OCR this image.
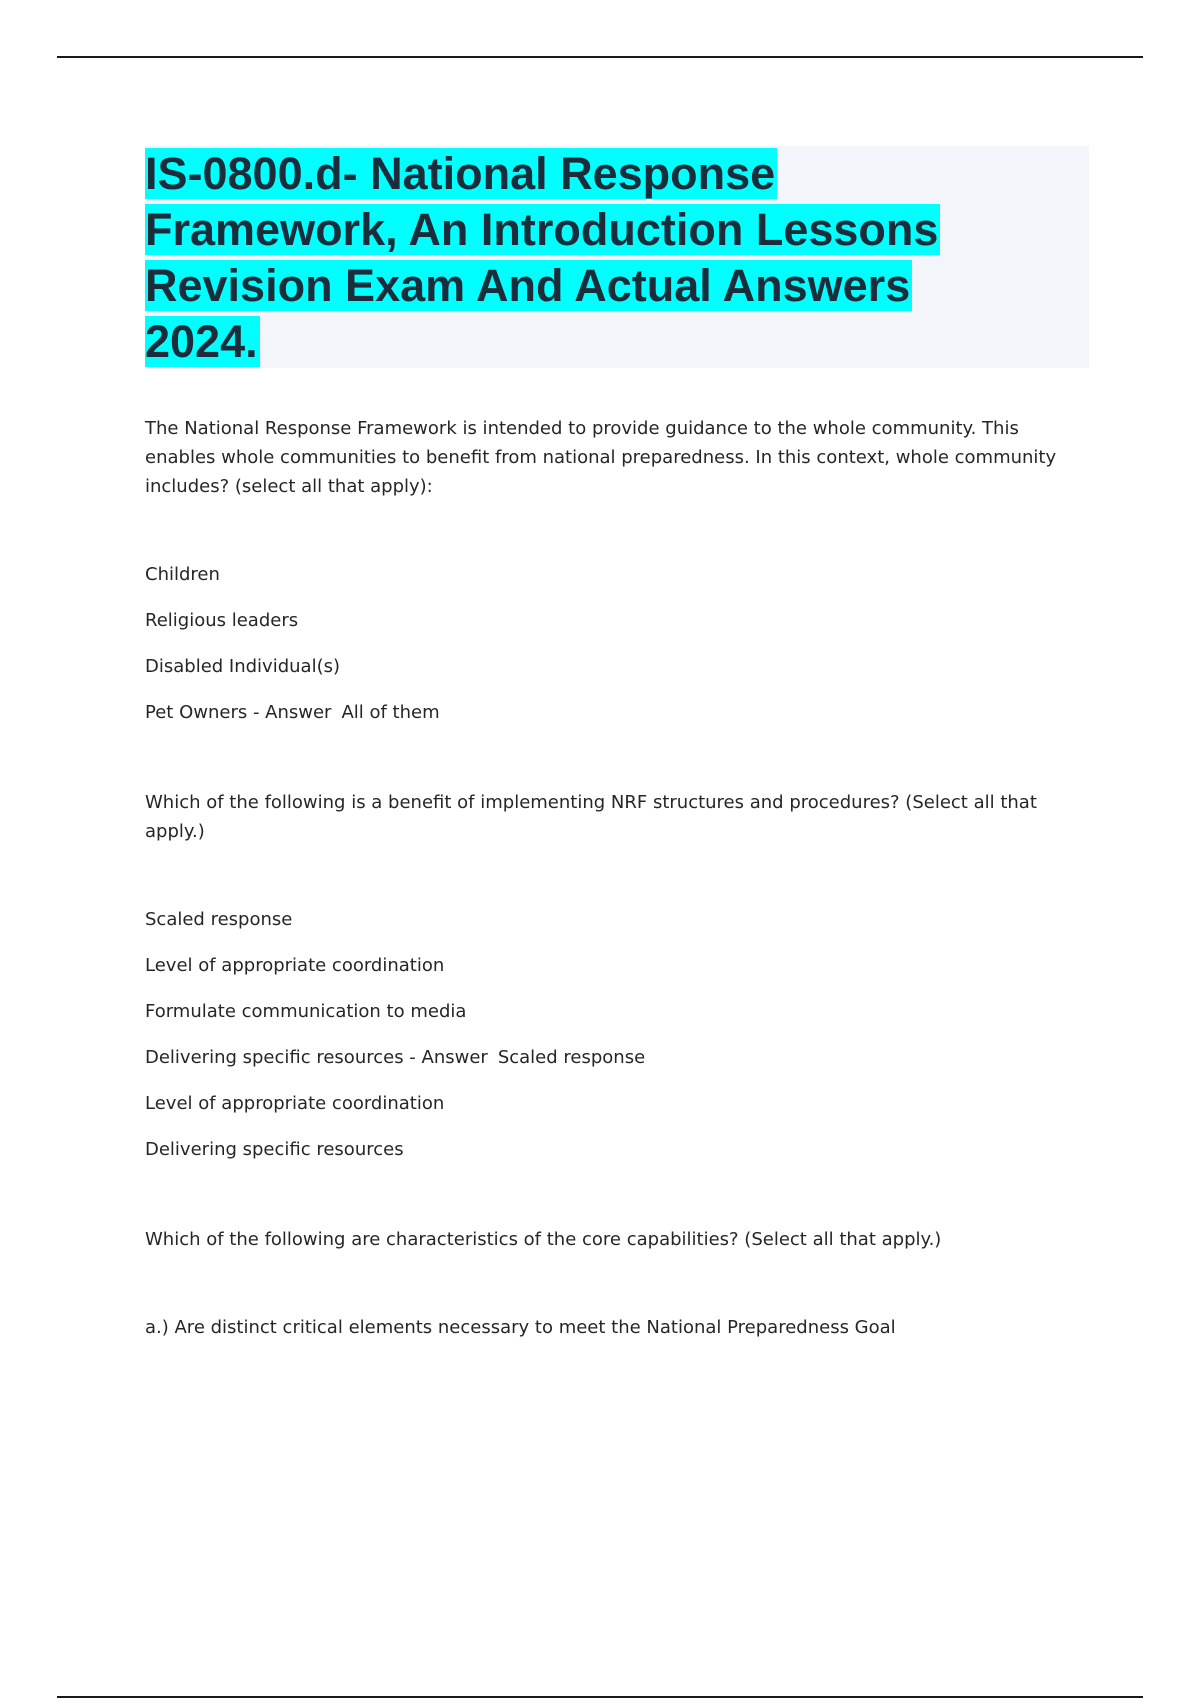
IS-0800.d- National Response Framework, An Introduction Lessons Revision Exam And Actual Answers 2024.

The National Response Framework is intended to provide guidance to the whole community. This enables whole communities to benefit from national preparedness. In this context, whole community includes? (select all that apply):

Children

Religious leaders

Disabled Individual(s)

Pet Owners - Answer All of them

Which of the following is a benefit of implementing NRF structures and procedures? (Select all that apply.)

Scaled response

Level of appropriate coordination

Formulate communication to media

Delivering specific resources - Answer Scaled response

Level of appropriate coordination

Delivering specific resources

Which of the following are characteristics of the core capabilities? (Select all that apply.)

a.) Are distinct critical elements necessary to meet the National Preparedness Goal
